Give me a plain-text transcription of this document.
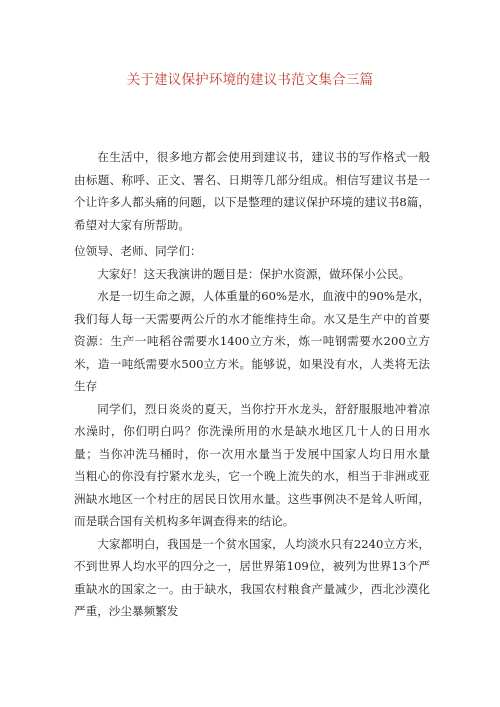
关于建议保护环境的建议书范文集合三篇

在生活中，很多地方都会使用到建议书，建议书的写作格式一般由标题、称呼、正文、署名、日期等几部分组成。相信写建议书是一个让许多人都头痛的问题，以下是整理的建议保护环境的建议书8篇，希望对大家有所帮助。

位领导、老师、同学们：

大家好！这天我演讲的题目是：保护水资源，做环保小公民。

水是一切生命之源，人体重量的60%是水，血液中的90%是水，我们每人每一天需要两公斤的水才能维持生命。水又是生产中的首要资源：生产一吨稻谷需要水1400立方米，炼一吨钢需要水200立方米，造一吨纸需要水500立方米。能够说，如果没有水，人类将无法生存

同学们，烈日炎炎的夏天，当你拧开水龙头，舒舒服服地冲着凉水澡时，你们明白吗？你洗澡所用的水是缺水地区几十人的日用水量；当你冲洗马桶时，你一次用水量当于发展中国家人均日用水量　当粗心的你没有拧紧水龙头，它一个晚上流失的水，相当于非洲或亚洲缺水地区一个村庄的居民日饮用水量。这些事例决不是耸人听闻，而是联合国有关机构多年调查得来的结论。

大家都明白，我国是一个贫水国家，人均淡水只有2240立方米，不到世界人均水平的四分之一，居世界第109位，被列为世界13个严重缺水的国家之一。由于缺水，我国农村粮食产量减少，西北沙漠化严重，沙尘暴频繁发
